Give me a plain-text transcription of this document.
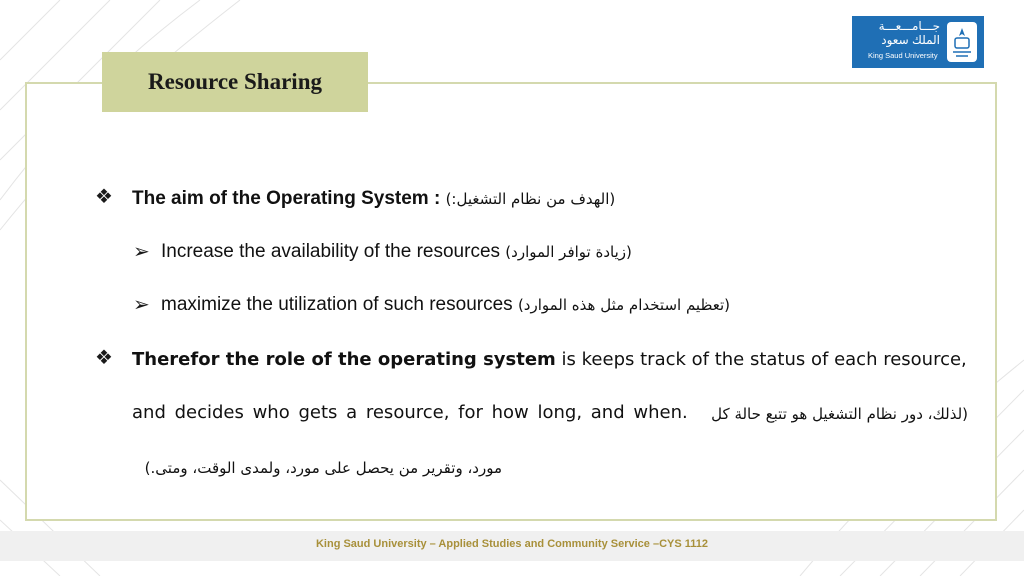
Resource Sharing
جـــامـــعـــة
الملك سعود
King Saud University
❖ The aim of the Operating System : (الهدف من نظام التشغيل:)
➢ Increase the availability of the resources (زيادة توافر الموارد)
➢ maximize the utilization of such resources (تعظيم استخدام مثل هذه الموارد)
❖ Therefor the role of the operating system is keeps track of the status of each resource,
and decides who gets a resource, for how long, and when. (لذلك، دور نظام التشغيل هو تتبع حالة كل
مورد، وتقرير من يحصل على مورد، ولمدى الوقت، ومتى.)
King Saud University – Applied Studies and Community Service –CYS 1112
